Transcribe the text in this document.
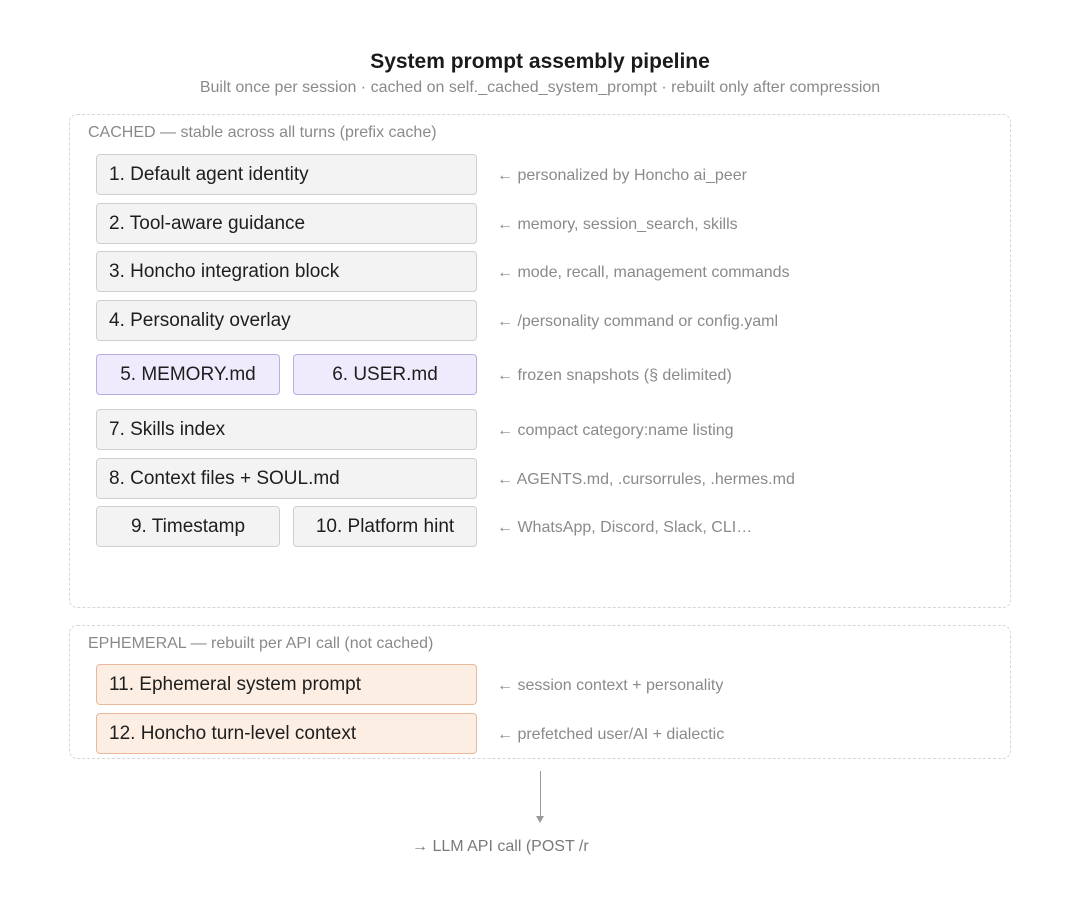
System prompt assembly pipeline
Built once per session · cached on self._cached_system_prompt · rebuilt only after compression
CACHED — stable across all turns (prefix cache)
1. Default agent identity	← personalized by Honcho ai_peer
2. Tool-aware guidance	← memory, session_search, skills
3. Honcho integration block	← mode, recall, management commands
4. Personality overlay	← /personality command or config.yaml
5. MEMORY.md	6. USER.md	← frozen snapshots (§ delimited)
7. Skills index	← compact category:name listing
8. Context files + SOUL.md	← AGENTS.md, .cursorrules, .hermes.md
9. Timestamp	10. Platform hint	← WhatsApp, Discord, Slack, CLI…
EPHEMERAL — rebuilt per API call (not cached)
11. Ephemeral system prompt	← session context + personality
12. Honcho turn-level context	← prefetched user/AI + dialectic
→ LLM API call (POST /r
